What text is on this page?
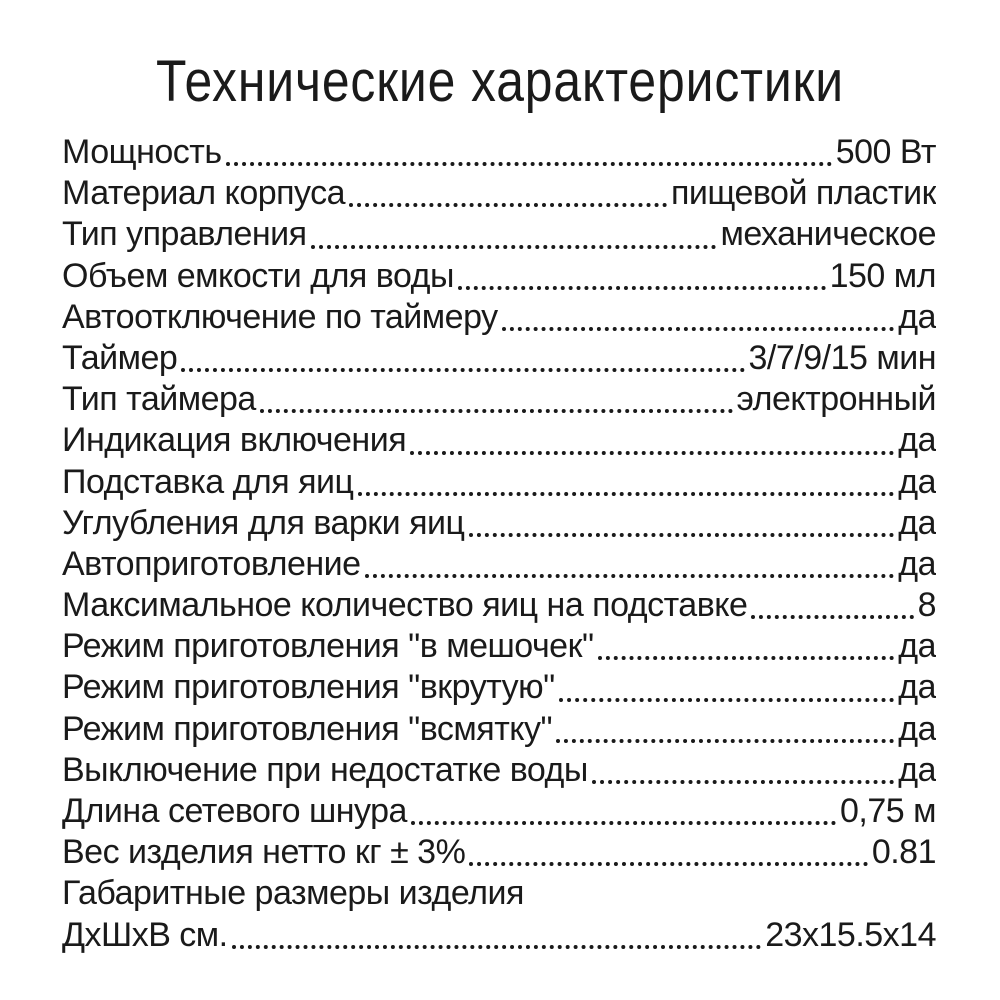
Технические характеристики
Мощность	500 Вт
Материал корпуса	пищевой пластик
Тип управления	механическое
Объем емкости для воды	150 мл
Автоотключение по таймеру	да
Таймер	3/7/9/15 мин
Тип таймера	электронный
Индикация включения	да
Подставка для яиц	да
Углубления для варки яиц	да
Автоприготовление	да
Максимальное количество яиц на подставке	8
Режим приготовления "в мешочек"	да
Режим приготовления "вкрутую"	да
Режим приготовления "всмятку"	да
Выключение при недостатке воды	да
Длина сетевого шнура	0,75 м
Вес изделия нетто кг ± 3%	0.81
Габаритные размеры изделия
ДхШхВ см.	23х15.5х14
